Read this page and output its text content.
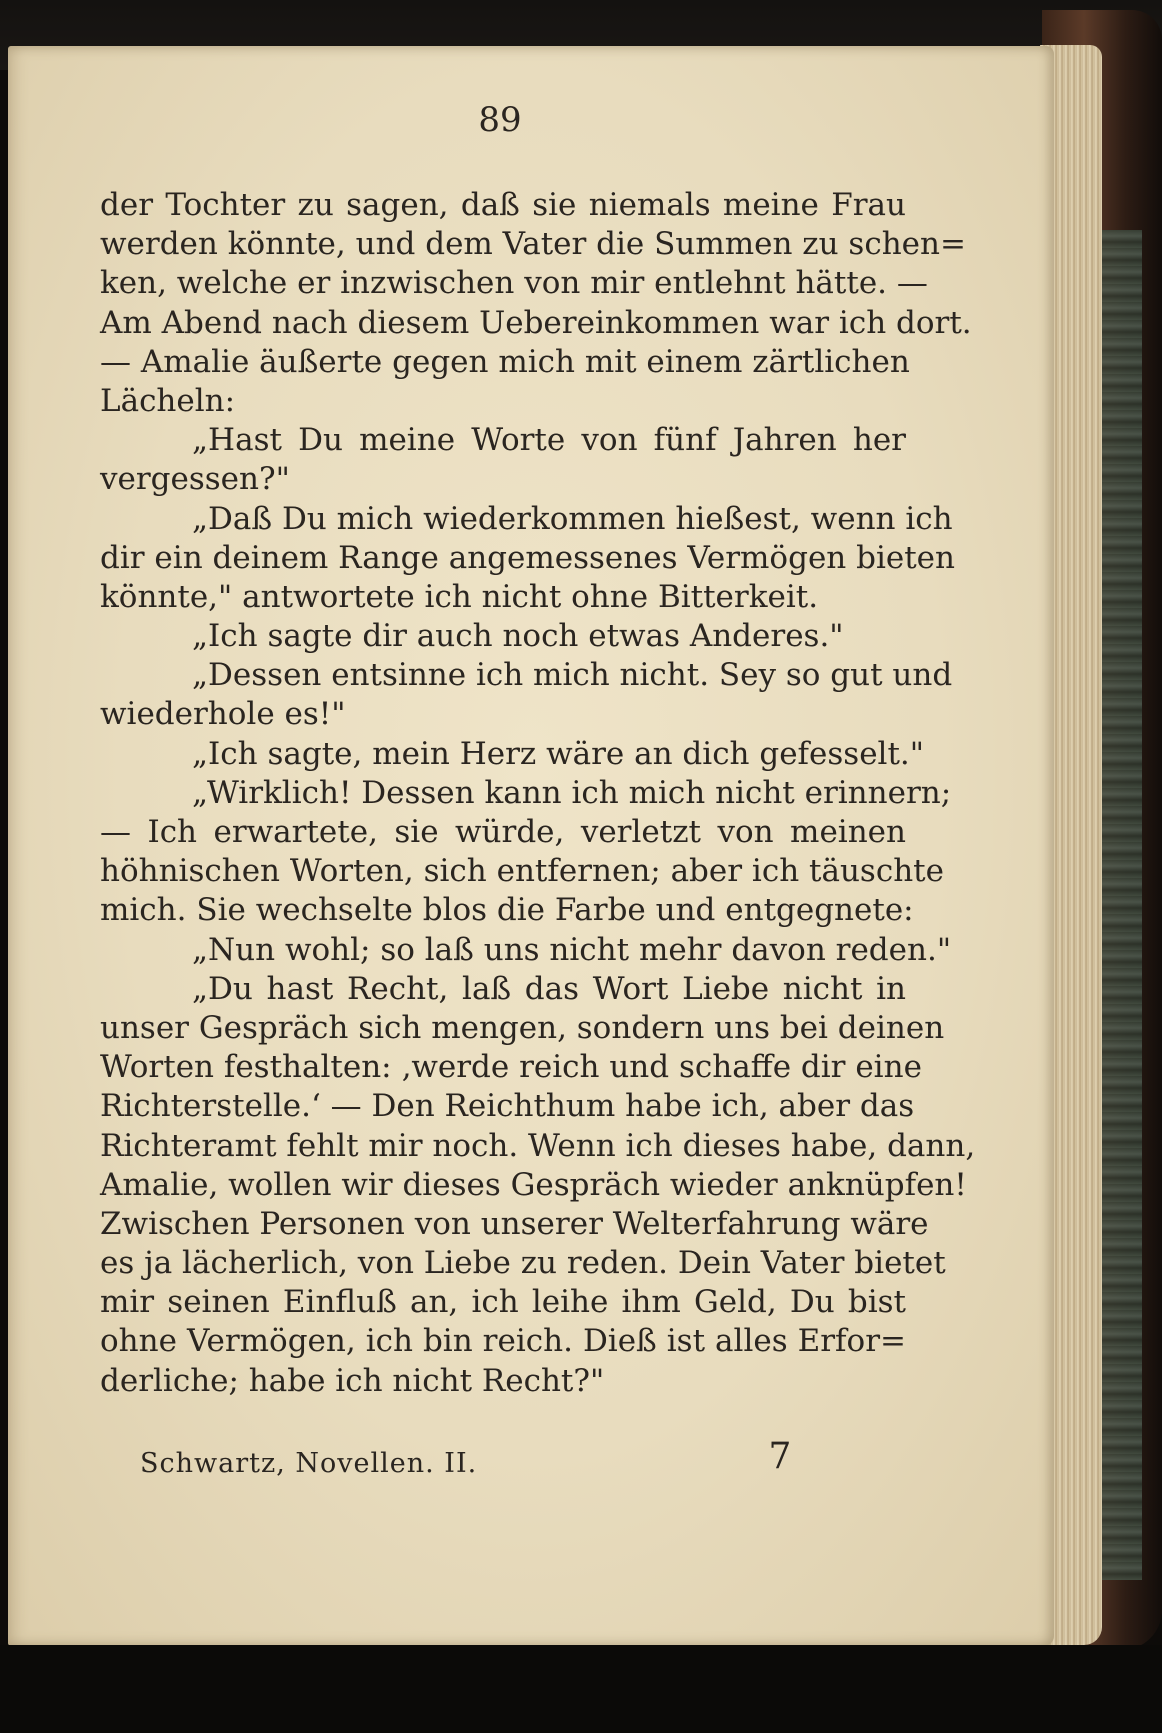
89
der Tochter zu sagen, daß sie niemals meine Frau
werden könnte, und dem Vater die Summen zu schen=
ken, welche er inzwischen von mir entlehnt hätte. —
Am Abend nach diesem Uebereinkommen war ich dort.
— Amalie äußerte gegen mich mit einem zärtlichen
Lächeln:
„Hast Du meine Worte von fünf Jahren her
vergessen?"
„Daß Du mich wiederkommen hießest, wenn ich
dir ein deinem Range angemessenes Vermögen bieten
könnte," antwortete ich nicht ohne Bitterkeit.
„Ich sagte dir auch noch etwas Anderes."
„Dessen entsinne ich mich nicht. Sey so gut und
wiederhole es!"
„Ich sagte, mein Herz wäre an dich gefesselt."
„Wirklich! Dessen kann ich mich nicht erinnern;
— Ich erwartete, sie würde, verletzt von meinen
höhnischen Worten, sich entfernen; aber ich täuschte
mich. Sie wechselte blos die Farbe und entgegnete:
„Nun wohl; so laß uns nicht mehr davon reden."
„Du hast Recht, laß das Wort Liebe nicht in
unser Gespräch sich mengen, sondern uns bei deinen
Worten festhalten: ‚werde reich und schaffe dir eine
Richterstelle.‘ — Den Reichthum habe ich, aber das
Richteramt fehlt mir noch. Wenn ich dieses habe, dann,
Amalie, wollen wir dieses Gespräch wieder anknüpfen!
Zwischen Personen von unserer Welterfahrung wäre
es ja lächerlich, von Liebe zu reden. Dein Vater bietet
mir seinen Einfluß an, ich leihe ihm Geld, Du bist
ohne Vermögen, ich bin reich. Dieß ist alles Erfor=
derliche; habe ich nicht Recht?"
Schwartz, Novellen. II.	7
